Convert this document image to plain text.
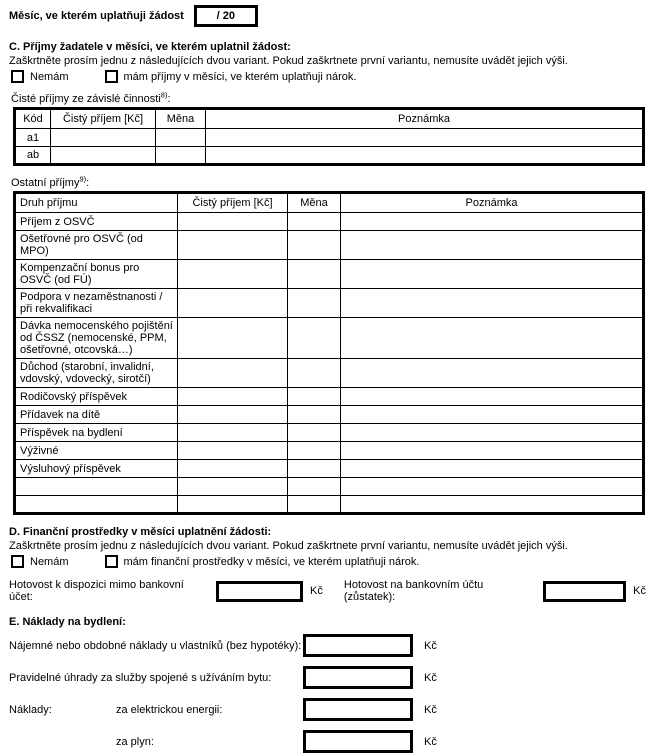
Měsíc, ve kterém uplatňuji žádost	/ 20
C. Příjmy žadatele v měsíci, ve kterém uplatnil žádost:
Zaškrtněte prosím jednu z následujících dvou variant. Pokud zaškrtnete první variantu, nemusíte uvádět jejich výši.
Nemám	mám příjmy v měsíci, ve kterém uplatňuji nárok.
Čisté příjmy ze závislé činnosti$^{8)}$:
Kód	Čistý příjem [Kč]	Měna	Poznámka
a1			
ab			
Ostatní příjmy$^{9)}$:
Druh příjmu	Čistý příjem [Kč]	Měna	Poznámka
Příjem z OSVČ			
Ošetřovné pro OSVČ (od MPO)			
Kompenzační bonus pro OSVČ (od FÚ)			
Podpora v nezaměstnanosti / při rekvalifikaci			
Dávka nemocenského pojištění od ČSSZ (nemocenské, PPM, ošetřovné, otcovská…)			
Důchod (starobní, invalidní, vdovský, vdovecký, sirotčí)			
Rodičovský příspěvek			
Přídavek na dítě			
Příspěvek na bydlení			
Výživné			
Výsluhový příspěvek			

D. Finanční prostředky v měsíci uplatnění žádosti:
Zaškrtněte prosím jednu z následujících dvou variant. Pokud zaškrtnete první variantu, nemusíte uvádět jejich výši.
Nemám	mám finanční prostředky v měsíci, ve kterém uplatňuji nárok.
Hotovost k dispozici mimo bankovní účet:	Kč Hotovost na bankovním účtu (zůstatek):	Kč
E. Náklady na bydlení:
Nájemné nebo obdobné náklady u vlastníků (bez hypotéky):	Kč
Pravidelné úhrady za služby spojené s užíváním bytu:	Kč
Náklady:	za elektrickou energii:	Kč
za plyn:	Kč
